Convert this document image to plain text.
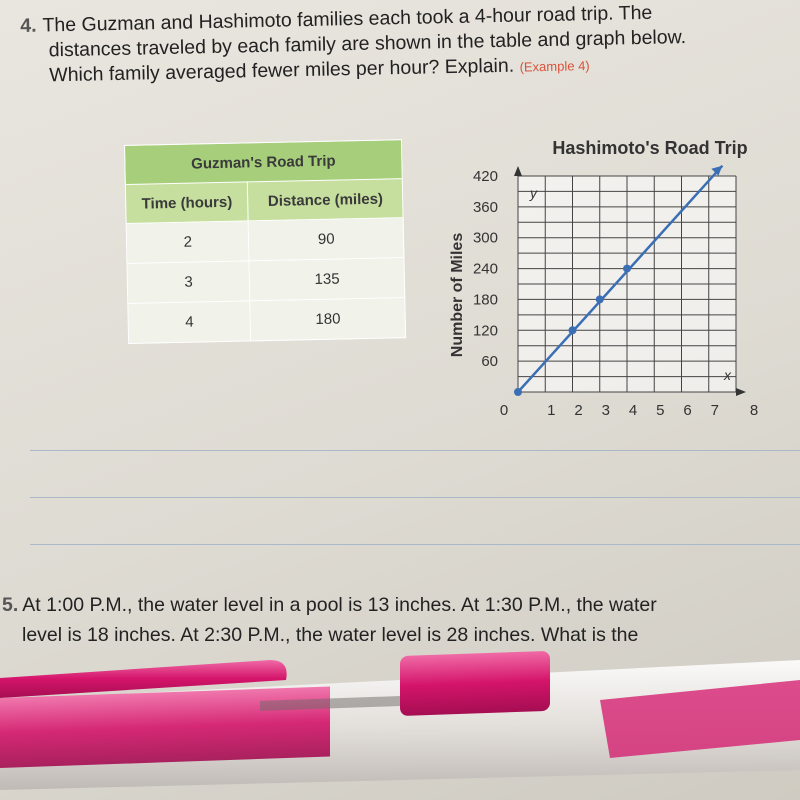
4. The Guzman and Hashimoto families each took a 4-hour road trip. The
distances traveled by each family are shown in the table and graph below.
Which family averaged fewer miles per hour? Explain. (Example 4)
Guzman's Road Trip	
Time (hours)	Distance (miles)
2	90
3	135
4	180
Hashimoto's Road Trip
60
120
180
240
300
360
420
1 2 3 4 5 6 7 8
Number of Miles
y
x
0
5. At 1:00 P.M., the water level in a pool is 13 inches. At 1:30 P.M., the water
level is 18 inches. At 2:30 P.M., the water level is 28 inches. What is the
